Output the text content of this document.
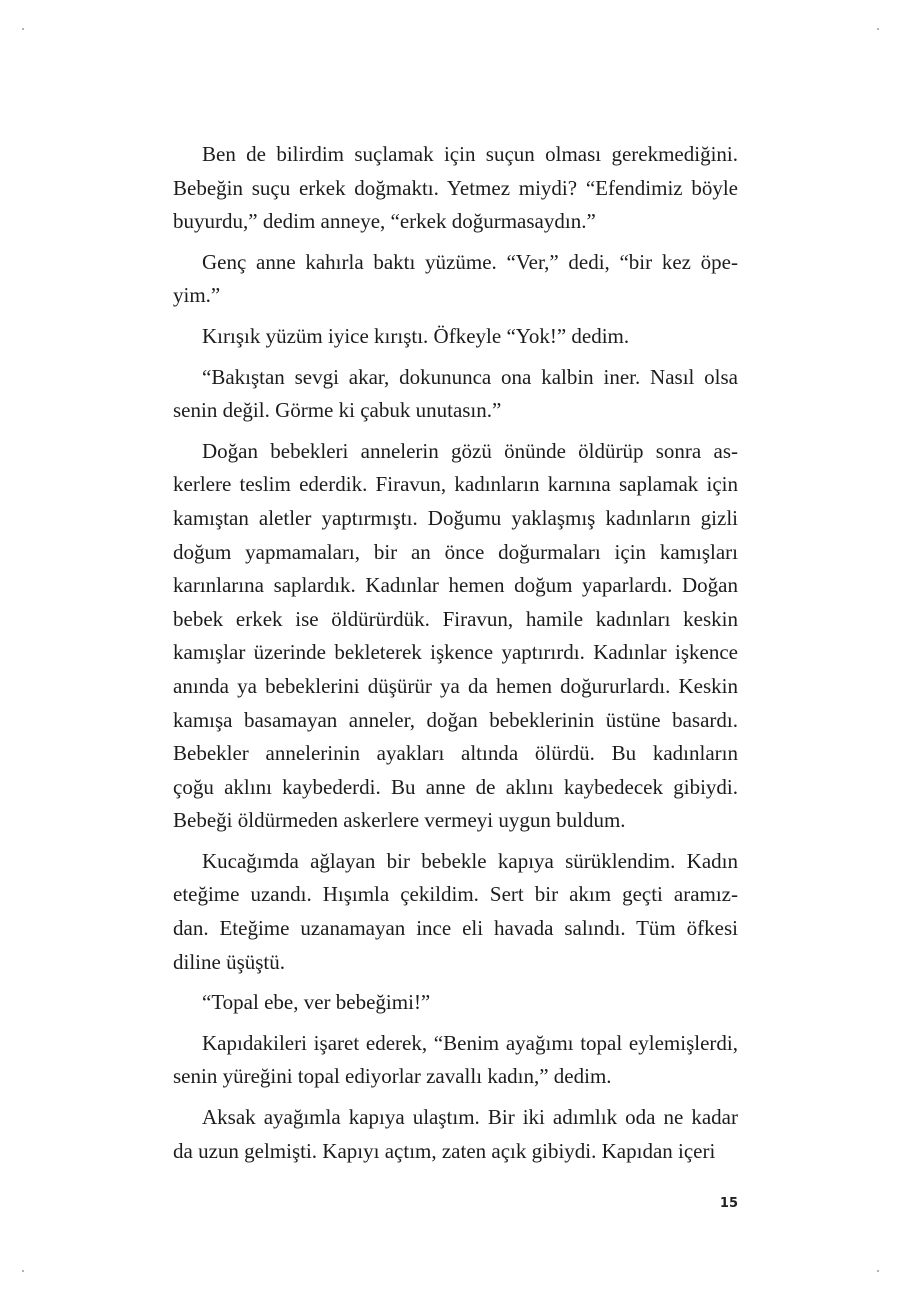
Ben de bilirdim suçlamak için suçun olması gerekmediğini.
Bebeğin suçu erkek doğmaktı. Yetmez miydi? “Efendimiz böyle
buyurdu,” dedim anneye, “erkek doğurmasaydın.”

Genç anne kahırla baktı yüzüme. “Ver,” dedi, “bir kez öpe-
yim.”

Kırışık yüzüm iyice kırıştı. Öfkeyle “Yok!” dedim.

“Bakıştan sevgi akar, dokununca ona kalbin iner. Nasıl olsa
senin değil. Görme ki çabuk unutasın.”

Doğan bebekleri annelerin gözü önünde öldürüp sonra as-
kerlere teslim ederdik. Firavun, kadınların karnına saplamak için
kamıştan aletler yaptırmıştı. Doğumu yaklaşmış kadınların gizli
doğum yapmamaları, bir an önce doğurmaları için kamışları
karınlarına saplardık. Kadınlar hemen doğum yaparlardı. Doğan
bebek erkek ise öldürürdük. Firavun, hamile kadınları keskin
kamışlar üzerinde bekleterek işkence yaptırırdı. Kadınlar işkence
anında ya bebeklerini düşürür ya da hemen doğururlardı. Keskin
kamışa basamayan anneler, doğan bebeklerinin üstüne basardı.
Bebekler annelerinin ayakları altında ölürdü. Bu kadınların
çoğu aklını kaybederdi. Bu anne de aklını kaybedecek gibiydi.
Bebeği öldürmeden askerlere vermeyi uygun buldum.

Kucağımda ağlayan bir bebekle kapıya sürüklendim. Kadın
eteğime uzandı. Hışımla çekildim. Sert bir akım geçti aramız-
dan. Eteğime uzanamayan ince eli havada salındı. Tüm öfkesi
diline üşüştü.

“Topal ebe, ver bebeğimi!”

Kapıdakileri işaret ederek, “Benim ayağımı topal eylemişlerdi,
senin yüreğini topal ediyorlar zavallı kadın,” dedim.

Aksak ayağımla kapıya ulaştım. Bir iki adımlık oda ne kadar
da uzun gelmişti. Kapıyı açtım, zaten açık gibiydi. Kapıdan içeri

15
